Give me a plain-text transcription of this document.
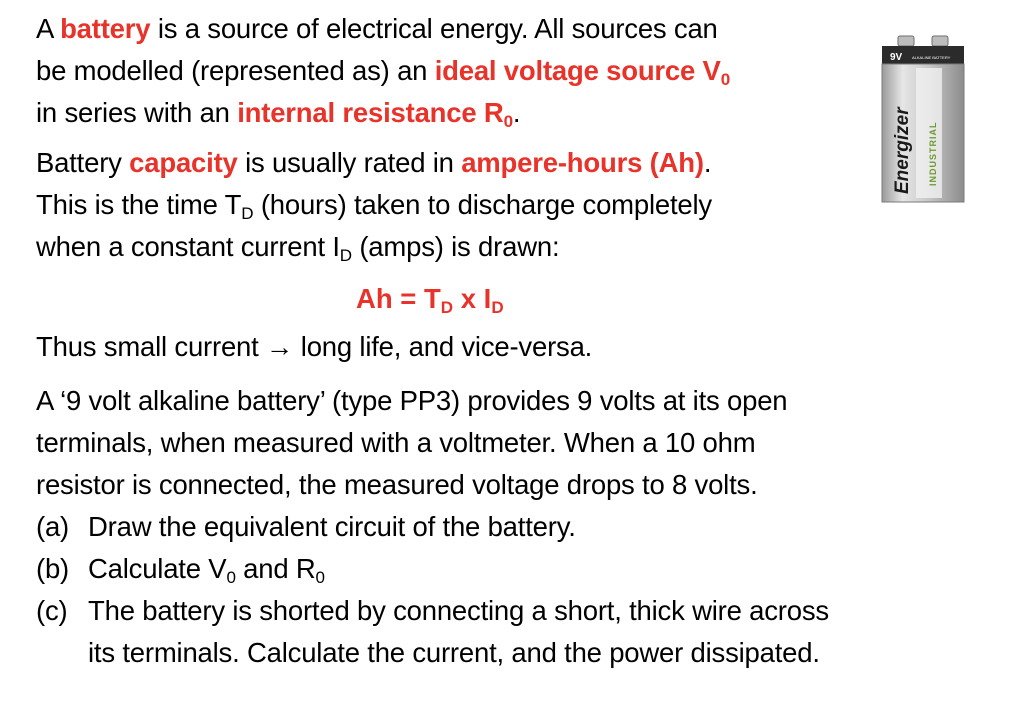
A battery is a source of electrical energy. All sources can
be modelled (represented as) an ideal voltage source $V_0$
in series with an internal resistance $R_0$.
Battery capacity is usually rated in ampere-hours (Ah).
This is the time $T_D$ (hours) taken to discharge completely
when a constant current $I_D$ (amps) is drawn:
$Ah = T_D$ x $I_D$
Thus small current → long life, and vice-versa.
A ‘9 volt alkaline battery’ (type PP3) provides 9 volts at its open
terminals, when measured with a voltmeter. When a 10 ohm
resistor is connected, the measured voltage drops to 8 volts.
(a) Draw the equivalent circuit of the battery.
(b) Calculate $V_0$ and $R_0$
(c) The battery is shorted by connecting a short, thick wire across
its terminals. Calculate the current, and the power dissipated.
9V ALKALINE BATTERY
Energizer INDUSTRIAL
